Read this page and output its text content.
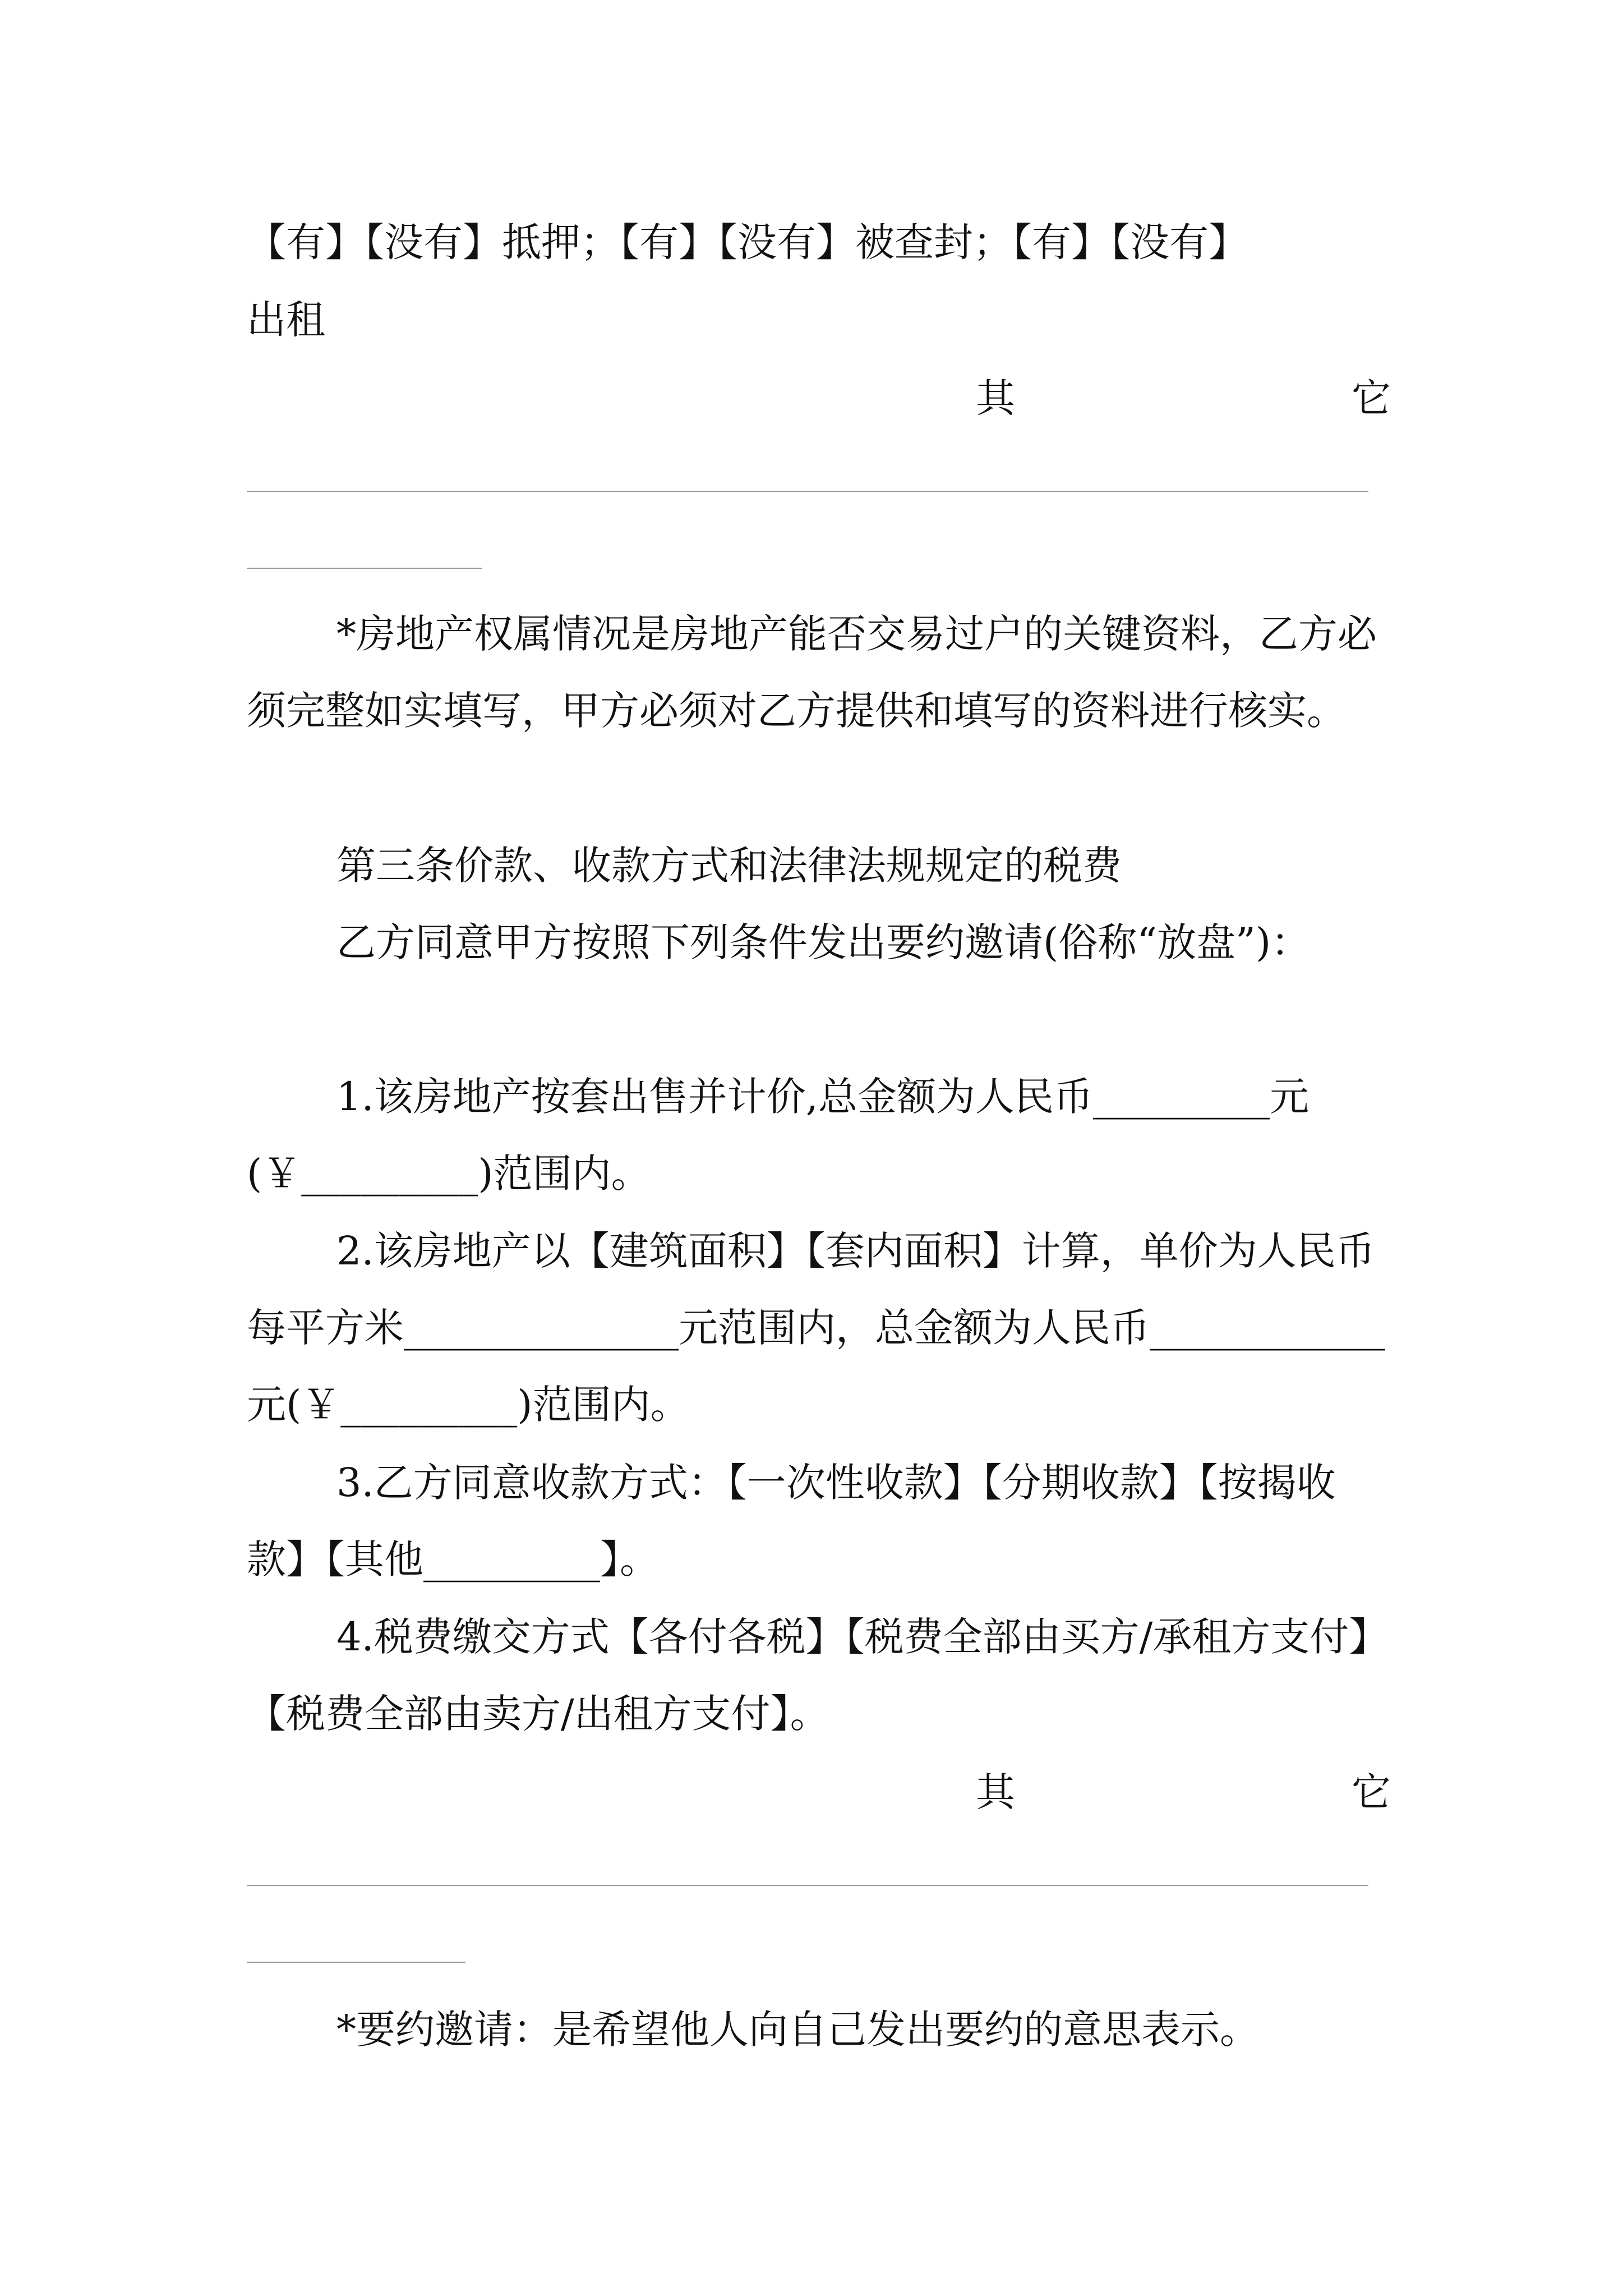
【有】【没有】抵押；【有】【没有】被查封；【有】【没有】
出租
其	它
*房地产权属情况是房地产能否交易过户的关键资料，乙方必须完整如实填写，甲方必须对乙方提供和填写的资料进行核实。
第三条价款、收款方式和法律法规规定的税费
乙方同意甲方按照下列条件发出要约邀请(俗称“放盘”)：
1.该房地产按套出售并计价,总金额为人民币_________元(￥_________)范围内。
2.该房地产以【建筑面积】【套内面积】计算，单价为人民币每平方米______________元范围内，总金额为人民币____________元(￥_________)范围内。
3.乙方同意收款方式：【一次性收款】【分期收款】【按揭收款】【其他_________】。
4.税费缴交方式【各付各税】【税费全部由买方/承租方支付】【税费全部由卖方/出租方支付】。
其	它
*要约邀请：是希望他人向自己发出要约的意思表示。
